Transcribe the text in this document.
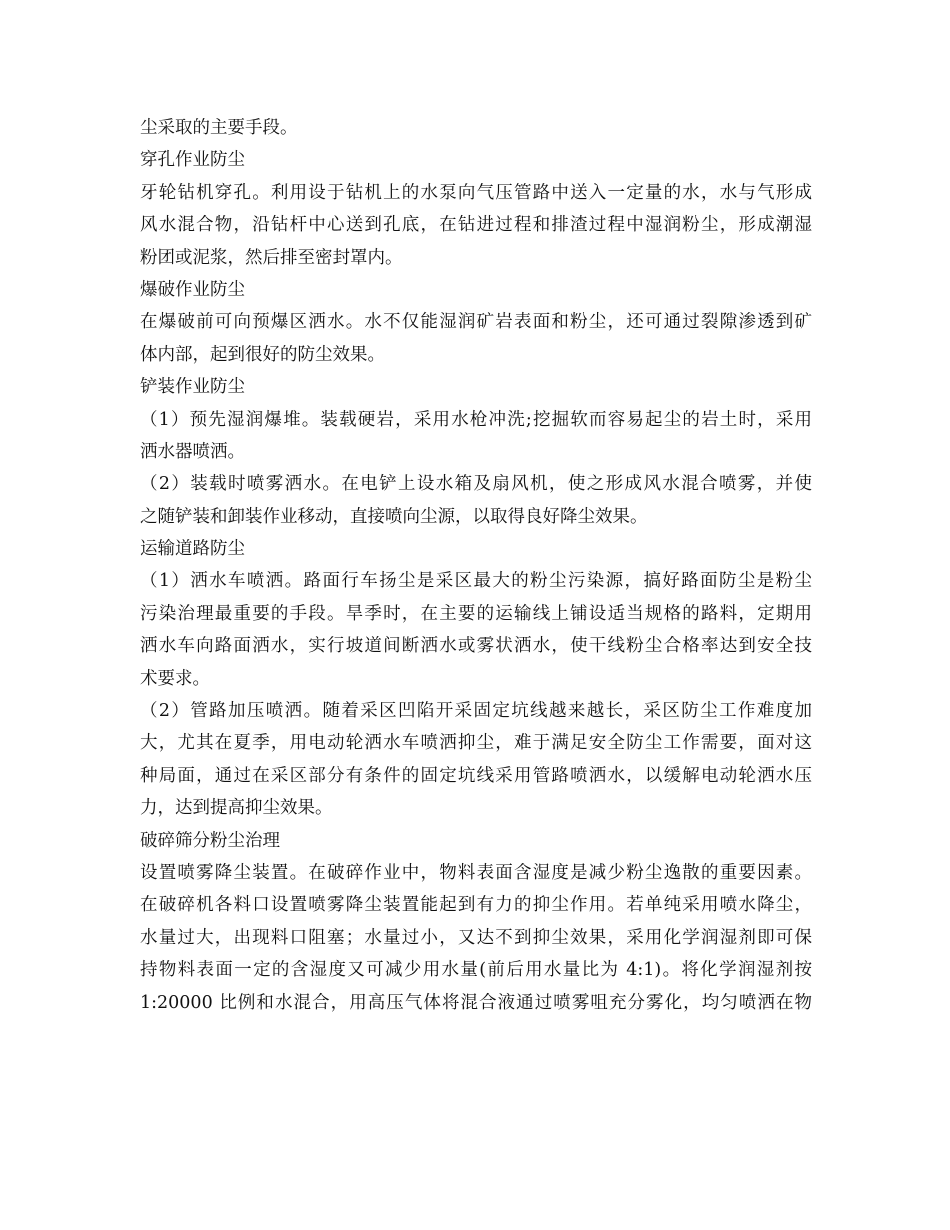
尘采取的主要手段。
穿孔作业防尘
牙轮钻机穿孔。利用设于钻机上的水泵向气压管路中送入一定量的水，水与气形成
风水混合物，沿钻杆中心送到孔底，在钻进过程和排渣过程中湿润粉尘，形成潮湿
粉团或泥浆，然后排至密封罩内。
爆破作业防尘
在爆破前可向预爆区洒水。水不仅能湿润矿岩表面和粉尘，还可通过裂隙渗透到矿
体内部，起到很好的防尘效果。
铲装作业防尘
（1）预先湿润爆堆。装载硬岩，采用水枪冲洗;挖掘软而容易起尘的岩土时，采用
洒水器喷洒。
（2）装载时喷雾洒水。在电铲上设水箱及扇风机，使之形成风水混合喷雾，并使
之随铲装和卸装作业移动，直接喷向尘源，以取得良好降尘效果。
运输道路防尘
（1）洒水车喷洒。路面行车扬尘是采区最大的粉尘污染源，搞好路面防尘是粉尘
污染治理最重要的手段。旱季时，在主要的运输线上铺设适当规格的路料，定期用
洒水车向路面洒水，实行坡道间断洒水或雾状洒水，使干线粉尘合格率达到安全技
术要求。
（2）管路加压喷洒。随着采区凹陷开采固定坑线越来越长，采区防尘工作难度加
大，尤其在夏季，用电动轮洒水车喷洒抑尘，难于满足安全防尘工作需要，面对这
种局面，通过在采区部分有条件的固定坑线采用管路喷洒水，以缓解电动轮洒水压
力，达到提高抑尘效果。
破碎筛分粉尘治理
设置喷雾降尘装置。在破碎作业中，物料表面含湿度是减少粉尘逸散的重要因素。
在破碎机各料口设置喷雾降尘装置能起到有力的抑尘作用。若单纯采用喷水降尘，
水量过大，出现料口阻塞；水量过小，又达不到抑尘效果，采用化学润湿剂即可保
持物料表面一定的含湿度又可减少用水量(前后用水量比为 4:1)。将化学润湿剂按
1:20000 比例和水混合，用高压气体将混合液通过喷雾咀充分雾化，均匀喷洒在物
